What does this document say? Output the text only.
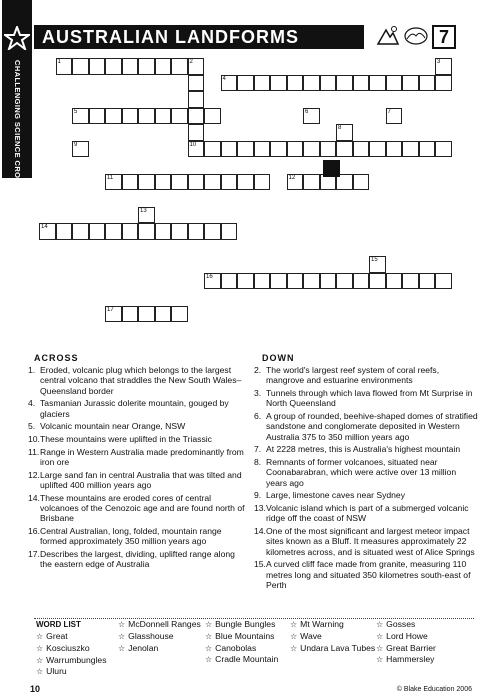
CHALLENGING SCIENCE CROSSWORDS – MIDDLE
AUSTRALIAN LANDFORMS	7
1	2
4
3
5	6	7
8
9	10
11	12
13
14
15
16
17
ACROSS
1. Eroded, volcanic plug which belongs to the largest central volcano that straddles the New South Wales–Queensland border
4. Tasmanian Jurassic dolerite mountain, gouged by glaciers
5. Volcanic mountain near Orange, NSW
10. These mountains were uplifted in the Triassic
11. Range in Western Australia made predominantly from iron ore
12. Large sand fan in central Australia that was tilted and uplifted 400 million years ago
14. These mountains are eroded cores of central volcanoes of the Cenozoic age and are found north of Brisbane
16. Central Australian, long, folded, mountain range formed approximately 350 million years ago
17. Describes the largest, dividing, uplifted range along the eastern edge of Australia
DOWN
2. The world's largest reef system of coral reefs, mangrove and estuarine environments
3. Tunnels through which lava flowed from Mt Surprise in North Queensland
6. A group of rounded, beehive-shaped domes of stratified sandstone and conglomerate deposited in Western Australia 375 to 350 million years ago
7. At 2228 metres, this is Australia's highest mountain
8. Remnants of former volcanoes, situated near Coonabarabran, which were active over 13 million years ago
9. Large, limestone caves near Sydney
13. Volcanic island which is part of a submerged volcanic ridge off the coast of NSW
14. One of the most significant and largest meteor impact sites known as a Bluff. It measures approximately 22 kilometres across, and is situated west of Alice Springs
15. A curved cliff face made from granite, measuring 110 metres long and situated 350 kilometres south-east of Perth
WORD LIST
☆ Great
☆ Kosciuszko
☆ Warrumbungles
☆ Uluru
☆ McDonnell Ranges
☆ Glasshouse
☆ Jenolan
☆ Bungle Bungles
☆ Blue Mountains
☆ Canobolas
☆ Cradle Mountain
☆ Mt Warning
☆ Wave
☆ Undara Lava Tubes
☆ Gosses
☆ Lord Howe
☆ Great Barrier
☆ Hammersley
10	© Blake Education 2006
